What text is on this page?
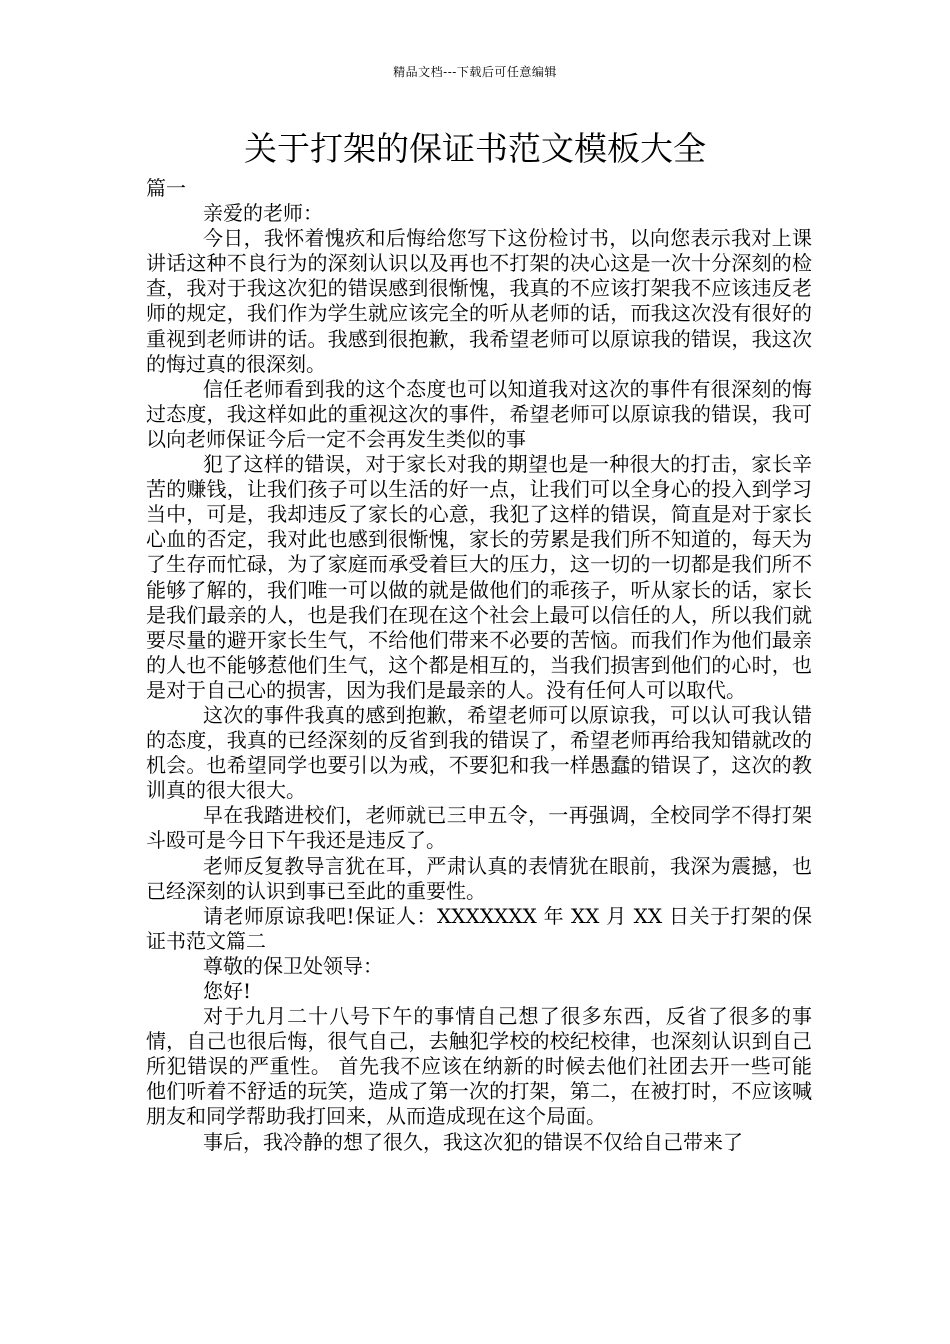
精品文档---下载后可任意编辑
关于打架的保证书范文模板大全

篇一

亲爱的老师：

今日，我怀着愧疚和后悔给您写下这份检讨书，以向您表示我对上课讲话这种不良行为的深刻认识以及再也不打架的决心这是一次十分深刻的检查，我对于我这次犯的错误感到很惭愧，我真的不应该打架我不应该违反老师的规定，我们作为学生就应该完全的听从老师的话，而我这次没有很好的重视到老师讲的话。我感到很抱歉，我希望老师可以原谅我的错误，我这次的悔过真的很深刻。

信任老师看到我的这个态度也可以知道我对这次的事件有很深刻的悔过态度，我这样如此的重视这次的事件，希望老师可以原谅我的错误，我可以向老师保证今后一定不会再发生类似的事

犯了这样的错误，对于家长对我的期望也是一种很大的打击，家长辛苦的赚钱，让我们孩子可以生活的好一点，让我们可以全身心的投入到学习当中，可是，我却违反了家长的心意，我犯了这样的错误，简直是对于家长心血的否定，我对此也感到很惭愧，家长的劳累是我们所不知道的，每天为了生存而忙碌，为了家庭而承受着巨大的压力，这一切的一切都是我们所不能够了解的，我们唯一可以做的就是做他们的乖孩子，听从家长的话，家长是我们最亲的人，也是我们在现在这个社会上最可以信任的人，所以我们就要尽量的避开家长生气，不给他们带来不必要的苦恼。而我们作为他们最亲的人也不能够惹他们生气，这个都是相互的，当我们损害到他们的心时，也是对于自己心的损害，因为我们是最亲的人。没有任何人可以取代。

这次的事件我真的感到抱歉，希望老师可以原谅我，可以认可我认错的态度，我真的已经深刻的反省到我的错误了，希望老师再给我知错就改的机会。也希望同学也要引以为戒，不要犯和我一样愚蠢的错误了，这次的教训真的很大很大。

早在我踏进校们，老师就已三申五令，一再强调，全校同学不得打架斗殴可是今日下午我还是违反了。

老师反复教导言犹在耳，严肃认真的表情犹在眼前，我深为震撼，也已经深刻的认识到事已至此的重要性。

请老师原谅我吧!保证人：XXXXXXX 年 XX 月 XX 日关于打架的保证书范文篇二

尊敬的保卫处领导：

您好!

对于九月二十八号下午的事情自己想了很多东西，反省了很多的事情，自己也很后悔，很气自己，去触犯学校的校纪校律，也深刻认识到自己所犯错误的严重性。 首先我不应该在纳新的时候去他们社团去开一些可能他们听着不舒适的玩笑，造成了第一次的打架，第二，在被打时，不应该喊朋友和同学帮助我打回来，从而造成现在这个局面。

事后，我冷静的想了很久，我这次犯的错误不仅给自己带来了
